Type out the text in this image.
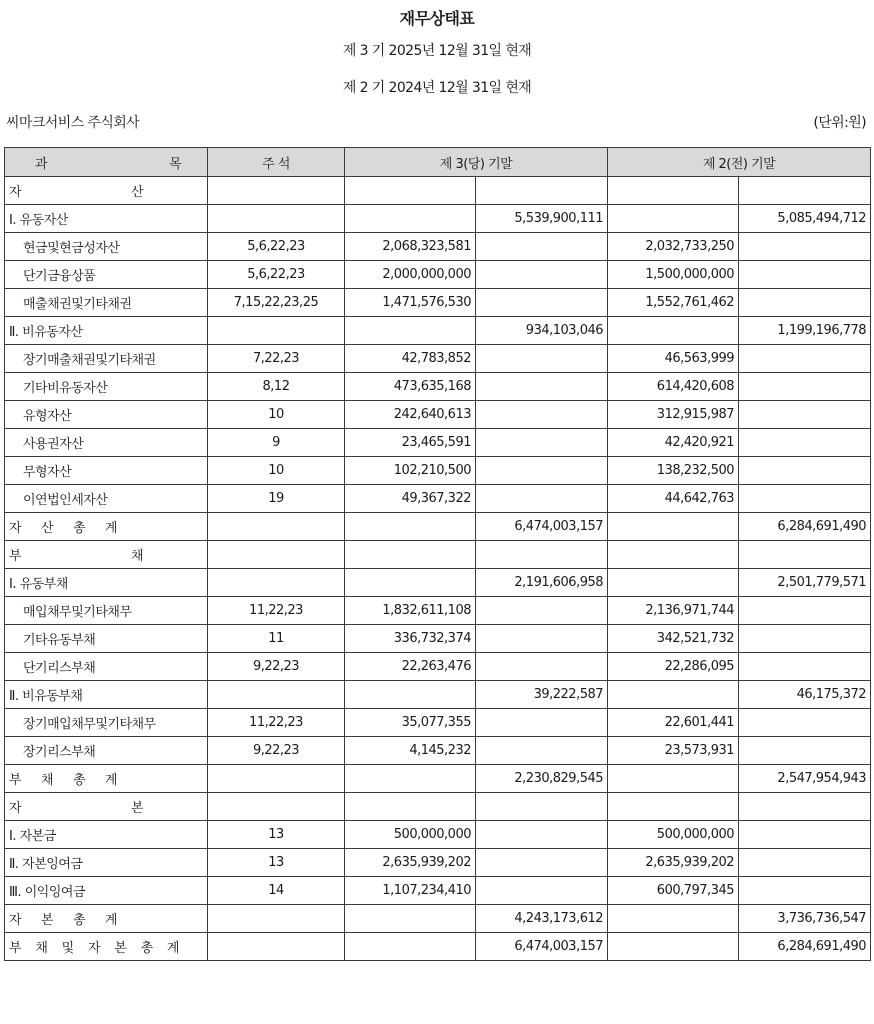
재무상태표
제 3 기 2025년 12월 31일 현재
제 2 기 2024년 12월 31일 현재
씨마크서비스 주식회사	(단위:원)
과 목	주 석	제 3(당) 기말		제 2(전) 기말	

자 산					

Ⅰ. 유동자산			5,539,900,111		5,085,494,712
현금및현금성자산	5,6,22,23	2,068,323,581		2,032,733,250	
단기금융상품	5,6,22,23	2,000,000,000		1,500,000,000	
매출채권및기타채권	7,15,22,23,25	1,471,576,530		1,552,761,462	
Ⅱ. 비유동자산			934,103,046		1,199,196,778
장기매출채권및기타채권	7,22,23	42,783,852		46,563,999	
기타비유동자산	8,12	473,635,168		614,420,608	
유형자산	10	242,640,613		312,915,987	
사용권자산	9	23,465,591		42,420,921	
무형자산	10	102,210,500		138,232,500	
이연법인세자산	19	49,367,322		44,642,763	

자 산 총 계			6,474,003,157		6,284,691,490

부 채					

Ⅰ. 유동부채			2,191,606,958		2,501,779,571
매입채무및기타채무	11,22,23	1,832,611,108		2,136,971,744	
기타유동부채	11	336,732,374		342,521,732	
단기리스부채	9,22,23	22,263,476		22,286,095	
Ⅱ. 비유동부채			39,222,587		46,175,372
장기매입채무및기타채무	11,22,23	35,077,355		22,601,441	
장기리스부채	9,22,23	4,145,232		23,573,931	

부 채 총 계			2,230,829,545		2,547,954,943

자 본					

Ⅰ. 자본금	13	500,000,000		500,000,000	
Ⅱ. 자본잉여금	13	2,635,939,202		2,635,939,202	
Ⅲ. 이익잉여금	14	1,107,234,410		600,797,345	

자 본 총 계			4,243,173,612		3,736,736,547

부 채 및 자 본 총 계			6,474,003,157		6,284,691,490
